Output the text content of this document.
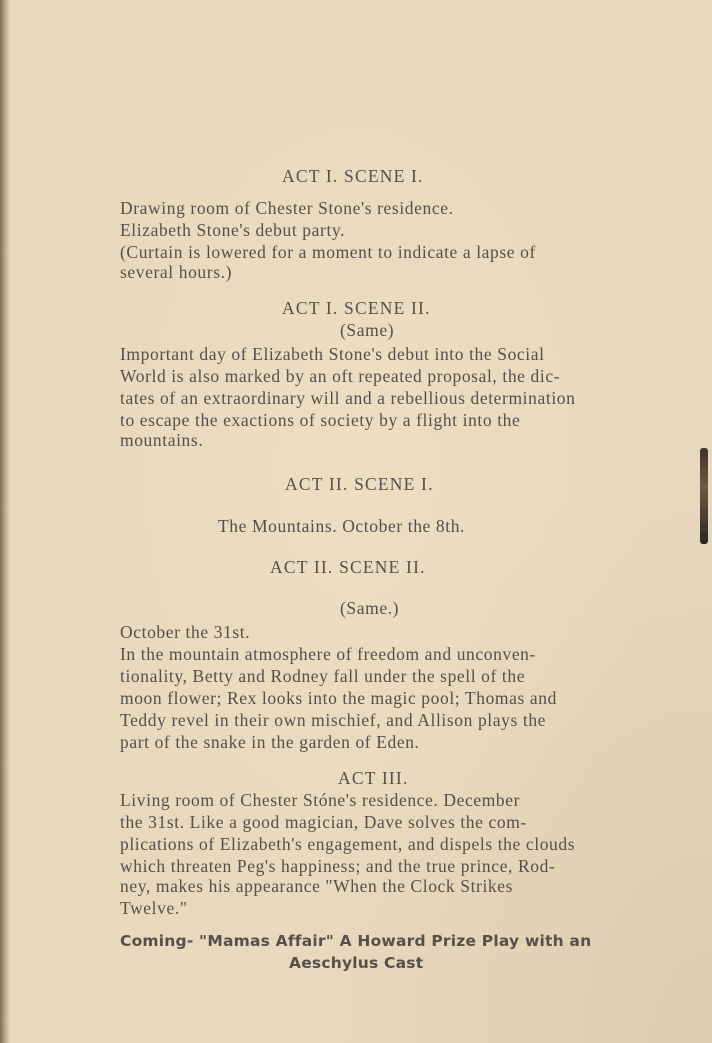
ACT I. SCENE I.
Drawing room of Chester Stone's residence.
Elizabeth Stone's debut party.
(Curtain is lowered for a moment to indicate a lapse of
several hours.)
ACT I. SCENE II.
(Same)
Important day of Elizabeth Stone's debut into the Social
World is also marked by an oft repeated proposal, the dic-
tates of an extraordinary will and a rebellious determination
to escape the exactions of society by a flight into the
mountains.
ACT II. SCENE I.
The Mountains. October the 8th.
ACT II. SCENE II.
(Same.)
October the 31st.
In the mountain atmosphere of freedom and unconven-
tionality, Betty and Rodney fall under the spell of the
moon flower; Rex looks into the magic pool; Thomas and
Teddy revel in their own mischief, and Allison plays the
part of the snake in the garden of Eden.
ACT III.
Living room of Chester Stóne's residence. December
the 31st. Like a good magician, Dave solves the com-
plications of Elizabeth's engagement, and dispels the clouds
which threaten Peg's happiness; and the true prince, Rod-
ney, makes his appearance "When the Clock Strikes
Twelve."
Coming- "Mamas Affair" A Howard Prize Play with an
Aeschylus Cast
